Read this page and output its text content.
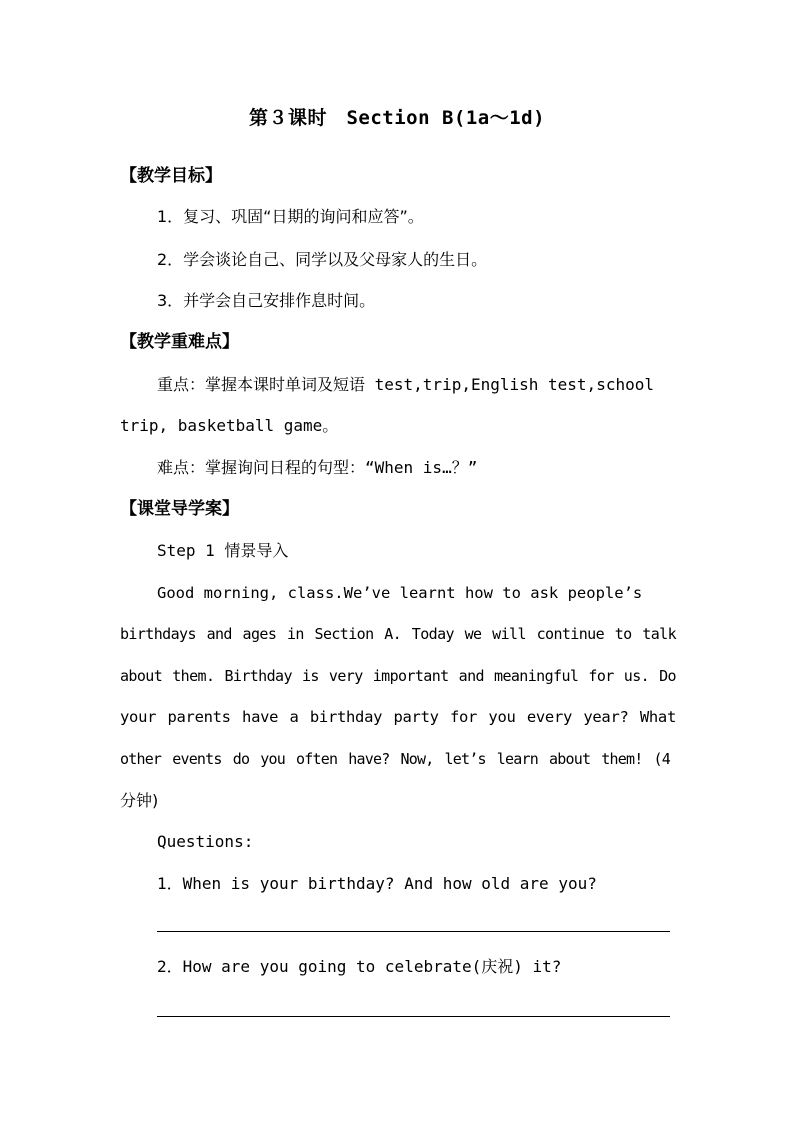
第３课时　Section B(1a～1d)
【教学目标】
1．复习、巩固“日期的询问和应答”。
2．学会谈论自己、同学以及父母家人的生日。
3．并学会自己安排作息时间。
【教学重难点】
重点：掌握本课时单词及短语 test,trip,English test,school
trip, basketball game。
难点：掌握询问日程的句型：“When is…？”
【课堂导学案】
Step 1 情景导入
Good morning, class.We’ve learnt how to ask people’s
birthdays and ages in Section A. Today we will continue to talk
about them. Birthday is very important and meaningful for us. Do
your parents have a birthday party for you every year? What
other events do you often have? Now, let’s learn about them! (4
分钟)
Questions:
1．When is your birthday? And how old are you?
2．How are you going to celebrate(庆祝) it?
